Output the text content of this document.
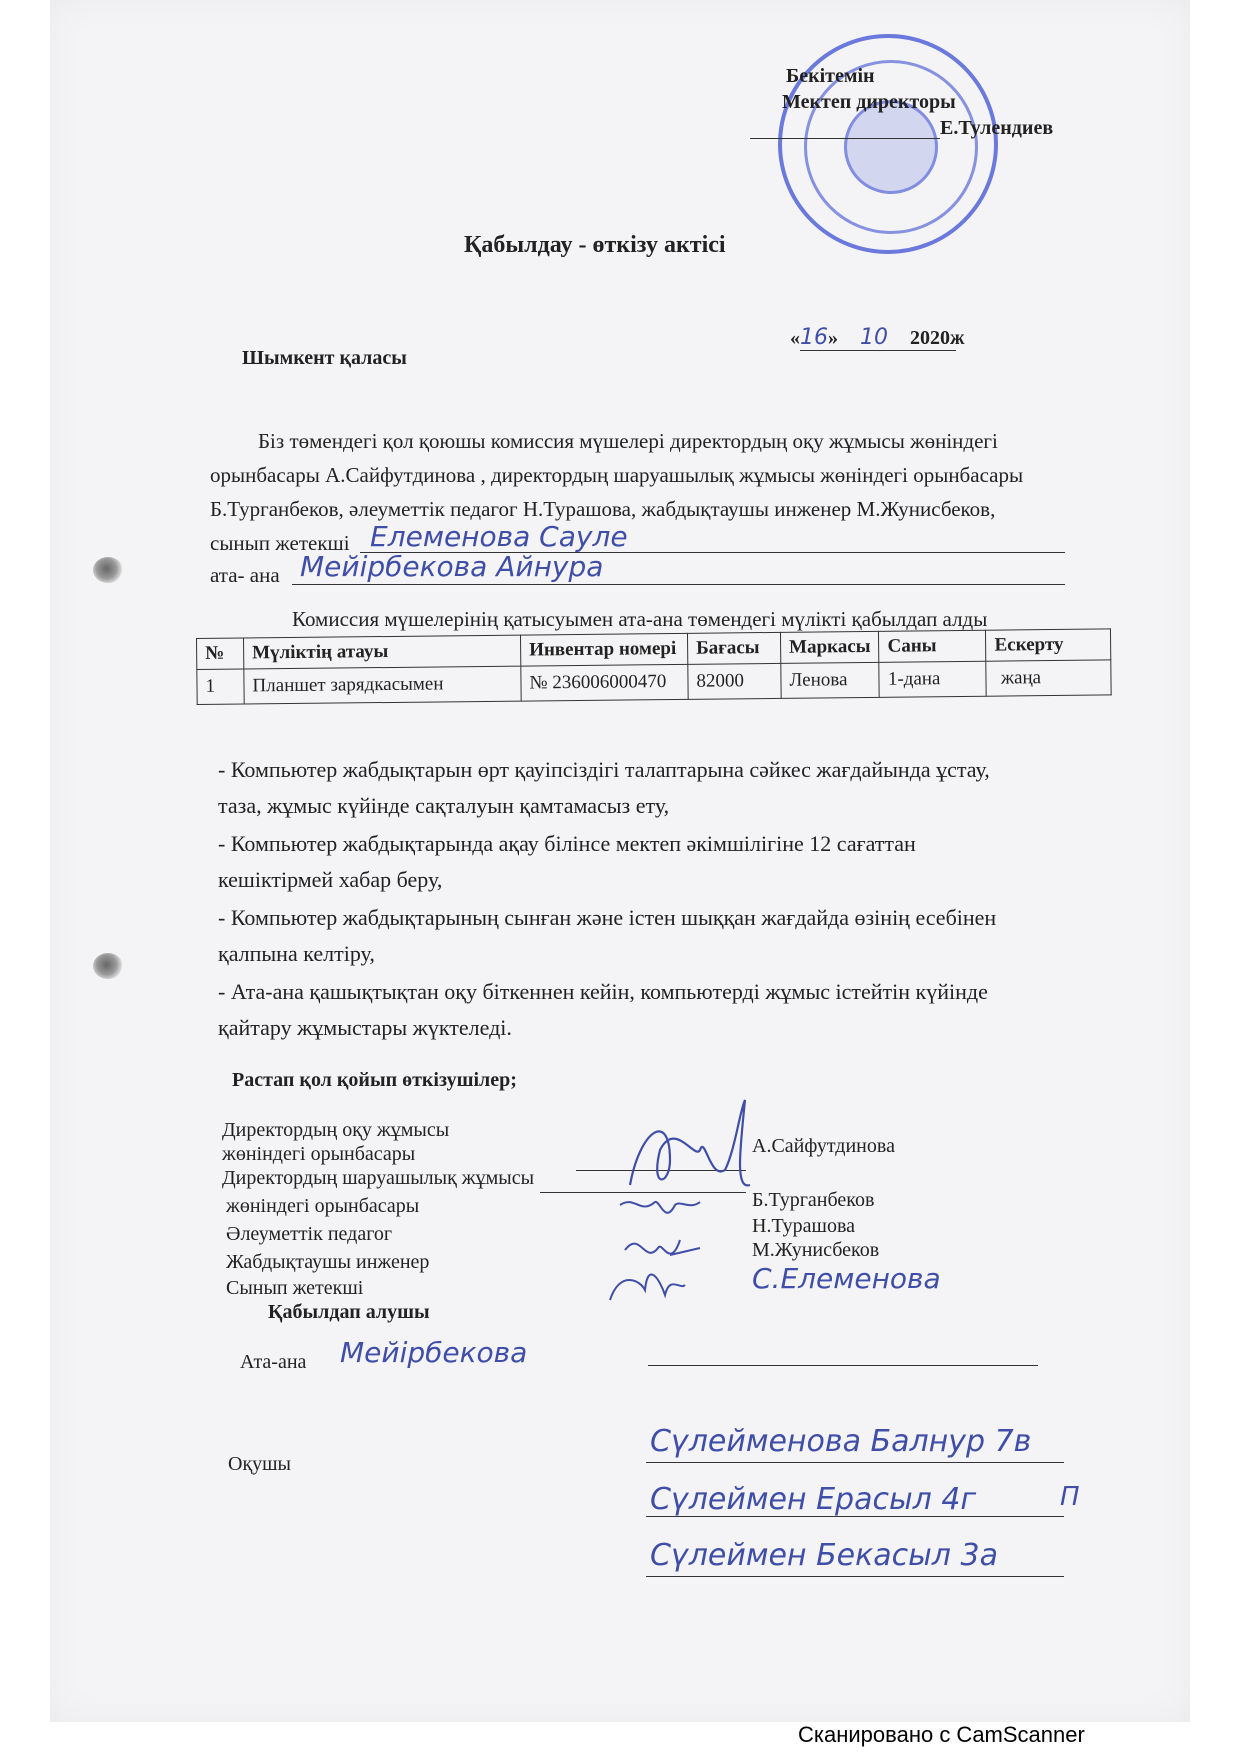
Бекітемін
Мектеп директоры
Е.Тулендиев
Қабылдау - өткізу актісі
Шымкент қаласы
«16» 10 2020ж
Біз төмендегі қол қоюшы комиссия мүшелері директордың оқу жұмысы жөніндегі
орынбасары А.Сайфутдинова , директордың шаруашылық жұмысы жөніндегі орынбасары
Б.Турганбеков, әлеуметтік педагог Н.Турашова, жабдықтаушы инженер М.Жунисбеков,
сынып жетекші Елеменова Сауле
ата- ана Мейірбекова Айнура
Комиссия мүшелерінің қатысуымен ата-ана төмендегі мүлікті қабылдап алды
№	Мүліктің атауы	Инвентар номері	Бағасы	Маркасы	Саны	Ескерту
1	Планшет зарядкасымен	№ 236006000470	82000	Ленова	1-дана	жаңа
- Компьютер жабдықтарын өрт қауіпсіздігі талаптарына сәйкес жағдайында ұстау,
таза, жұмыс күйінде сақталуын қамтамасыз ету,
- Компьютер жабдықтарында ақау білінсе мектеп әкімшілігіне 12 сағаттан
кешіктірмей хабар беру,
- Компьютер жабдықтарының сынған және істен шыққан жағдайда өзінің есебінен
қалпына келтіру,
- Ата-ана қашықтықтан оқу біткеннен кейін, компьютерді жұмыс істейтін күйінде
қайтару жұмыстары жүктеледі.
Растап қол қойып өткізушілер;
Директордың оқу жұмысы
жөніндегі орынбасары
Директордың шаруашылық жұмысы
жөніндегі орынбасары
Әлеуметтік педагог
Жабдықтаушы инженер
Сынып жетекші
А.Сайфутдинова
Б.Турганбеков
Н.Турашова
М.Жунисбеков
С.Елеменова
Қабылдап алушы
Ата-ана Мейірбекова
Оқушы
Сүлейменова Балнур 7в
Сүлеймен Ерасыл 4г	П
Сүлеймен Бекасыл 3а
Сканировано с CamScanner
